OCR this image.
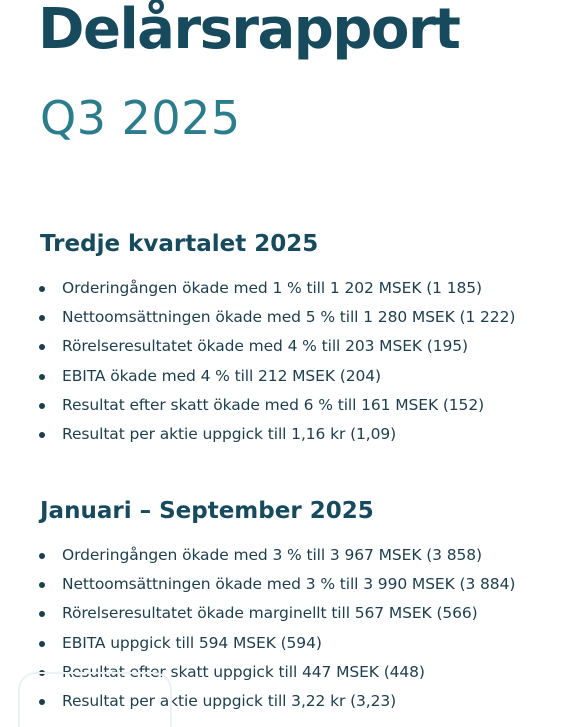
Delårsrapport
Q3 2025
Tredje kvartalet 2025
Orderingången ökade med 1 % till 1 202 MSEK (1 185)
Nettoomsättningen ökade med 5 % till 1 280 MSEK (1 222)
Rörelseresultatet ökade med 4 % till 203 MSEK (195)
EBITA ökade med 4 % till 212 MSEK (204)
Resultat efter skatt ökade med 6 % till 161 MSEK (152)
Resultat per aktie uppgick till 1,16 kr (1,09)
Januari – September 2025
Orderingången ökade med 3 % till 3 967 MSEK (3 858)
Nettoomsättningen ökade med 3 % till 3 990 MSEK (3 884)
Rörelseresultatet ökade marginellt till 567 MSEK (566)
EBITA uppgick till 594 MSEK (594)
Resultat efter skatt uppgick till 447 MSEK (448)
Resultat per aktie uppgick till 3,22 kr (3,23)
